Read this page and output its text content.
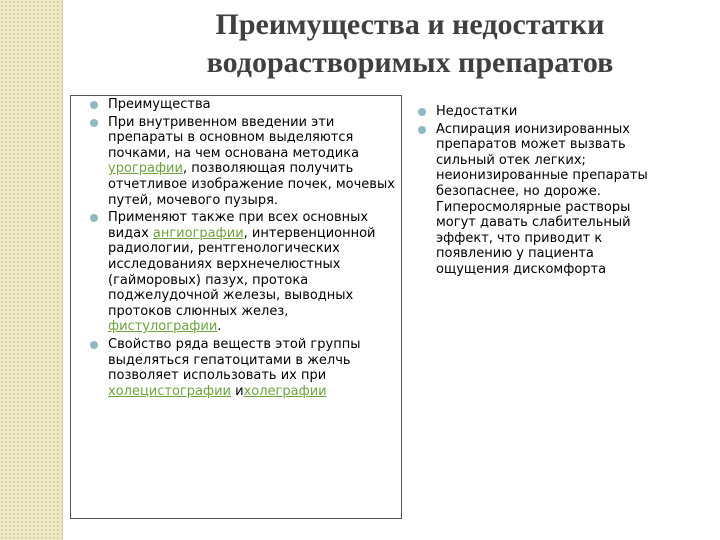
Преимущества и недостатки
водорастворимых препаратов
Преимущества
При внутривенном введении эти препараты в основном выделяются почками, на чем основана методика урографии, позволяющая получить отчетливое изображение почек, мочевых путей, мочевого пузыря.
Применяют также при всех основных видах ангиографии, интервенционной радиологии, рентгенологических исследованиях верхнечелюстных (гайморовых) пазух, протока поджелудочной железы, выводных протоков слюнных желез, фистулографии.
Свойство ряда веществ этой группы выделяться гепатоцитами в желчь позволяет использовать их при холецистографии ихолеграфии
Недостатки
Аспирация ионизированных препаратов может вызвать сильный отек легких; неионизированные препараты безопаснее, но дороже. Гиперосмолярные растворы могут давать слабительный эффект, что приводит к появлению у пациента ощущения дискомфорта
